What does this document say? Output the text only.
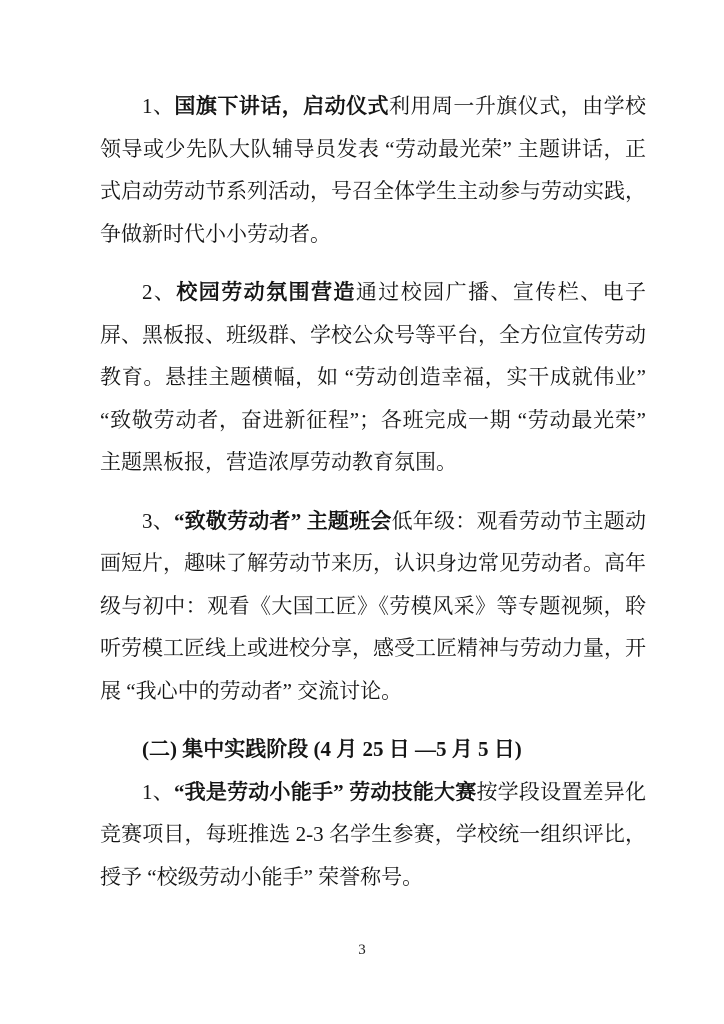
1、国旗下讲话，启动仪式利用周一升旗仪式，由学校领导或少先队大队辅导员发表 “劳动最光荣” 主题讲话，正式启动劳动节系列活动，号召全体学生主动参与劳动实践，争做新时代小小劳动者。

2、校园劳动氛围营造通过校园广播、宣传栏、电子屏、黑板报、班级群、学校公众号等平台，全方位宣传劳动教育。悬挂主题横幅，如 “劳动创造幸福，实干成就伟业” “致敬劳动者，奋进新征程”；各班完成一期 “劳动最光荣” 主题黑板报，营造浓厚劳动教育氛围。

3、“致敬劳动者” 主题班会低年级：观看劳动节主题动画短片，趣味了解劳动节来历，认识身边常见劳动者。高年级与初中：观看《大国工匠》《劳模风采》等专题视频，聆听劳模工匠线上或进校分享，感受工匠精神与劳动力量，开展 “我心中的劳动者” 交流讨论。

(二) 集中实践阶段 (4 月 25 日 —5 月 5 日)

1、“我是劳动小能手” 劳动技能大赛按学段设置差异化竞赛项目，每班推选 2-3 名学生参赛，学校统一组织评比，授予 “校级劳动小能手” 荣誉称号。

3
